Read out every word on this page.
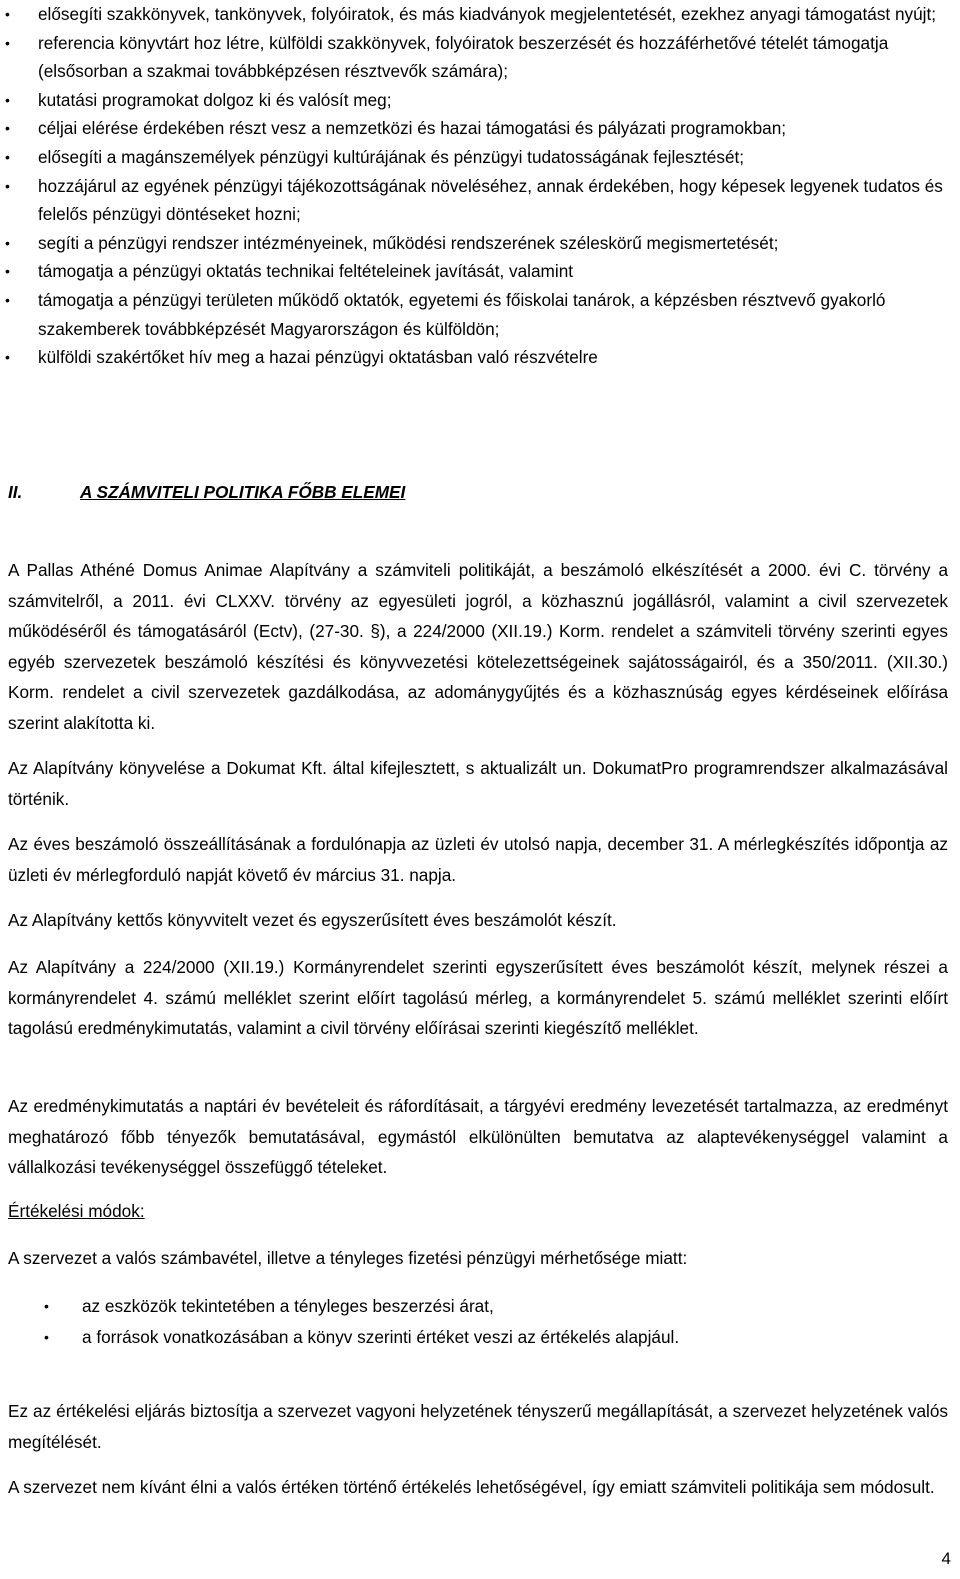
• elősegíti szakkönyvek, tankönyvek, folyóiratok, és más kiadványok megjelentetését, ezekhez anyagi támogatást nyújt;
• referencia könyvtárt hoz létre, külföldi szakkönyvek, folyóiratok beszerzését és hozzáférhetővé tételét támogatja (elsősorban a szakmai továbbképzésen résztvevők számára);
• kutatási programokat dolgoz ki és valósít meg;
• céljai elérése érdekében részt vesz a nemzetközi és hazai támogatási és pályázati programokban;
• elősegíti a magánszemélyek pénzügyi kultúrájának és pénzügyi tudatosságának fejlesztését;
• hozzájárul az egyének pénzügyi tájékozottságának növeléséhez, annak érdekében, hogy képesek legyenek tudatos és felelős pénzügyi döntéseket hozni;
• segíti a pénzügyi rendszer intézményeinek, működési rendszerének széleskörű megismertetését;
• támogatja a pénzügyi oktatás technikai feltételeinek javítását, valamint
• támogatja a pénzügyi területen működő oktatók, egyetemi és főiskolai tanárok, a képzésben résztvevő gyakorló szakemberek továbbképzését Magyarországon és külföldön;
• külföldi szakértőket hív meg a hazai pénzügyi oktatásban való részvételre
II.	A SZÁMVITELI POLITIKA FŐBB ELEMEI

A Pallas Athéné Domus Animae Alapítvány a számviteli politikáját, a beszámoló elkészítését a 2000. évi C. törvény a számvitelről, a 2011. évi CLXXV. törvény az egyesületi jogról, a közhasznú jogállásról, valamint a civil szervezetek működéséről és támogatásáról (Ectv), (27-30. §), a 224/2000 (XII.19.) Korm. rendelet a számviteli törvény szerinti egyes egyéb szervezetek beszámoló készítési és könyvvezetési kötelezettségeinek sajátosságairól, és a 350/2011. (XII.30.) Korm. rendelet a civil szervezetek gazdálkodása, az adománygyűjtés és a közhasznúság egyes kérdéseinek előírása szerint alakította ki.

Az Alapítvány könyvelése a Dokumat Kft. által kifejlesztett, s aktualizált un. DokumatPro programrendszer alkalmazásával történik.

Az éves beszámoló összeállításának a fordulónapja az üzleti év utolsó napja, december 31. A mérlegkészítés időpontja az üzleti év mérlegforduló napját követő év március 31. napja.

Az Alapítvány kettős könyvvitelt vezet és egyszerűsített éves beszámolót készít.

Az Alapítvány a 224/2000 (XII.19.) Kormányrendelet szerinti egyszerűsített éves beszámolót készít, melynek részei a kormányrendelet 4. számú melléklet szerint előírt tagolású mérleg, a kormányrendelet 5. számú melléklet szerinti előírt tagolású eredménykimutatás, valamint a civil törvény előírásai szerinti kiegészítő melléklet.

Az eredménykimutatás a naptári év bevételeit és ráfordításait, a tárgyévi eredmény levezetését tartalmazza, az eredményt meghatározó főbb tényezők bemutatásával, egymástól elkülönülten bemutatva az alaptevékenységgel valamint a vállalkozási tevékenységgel összefüggő tételeket.

Értékelési módok:

A szervezet a valós számbavétel, illetve a tényleges fizetési pénzügyi mérhetősége miatt:

• az eszközök tekintetében a tényleges beszerzési árat,
• a források vonatkozásában a könyv szerinti értéket veszi az értékelés alapjául.

Ez az értékelési eljárás biztosítja a szervezet vagyoni helyzetének tényszerű megállapítását, a szervezet helyzetének valós megítélését.

A szervezet nem kívánt élni a valós értéken történő értékelés lehetőségével, így emiatt számviteli politikája sem módosult.

4
